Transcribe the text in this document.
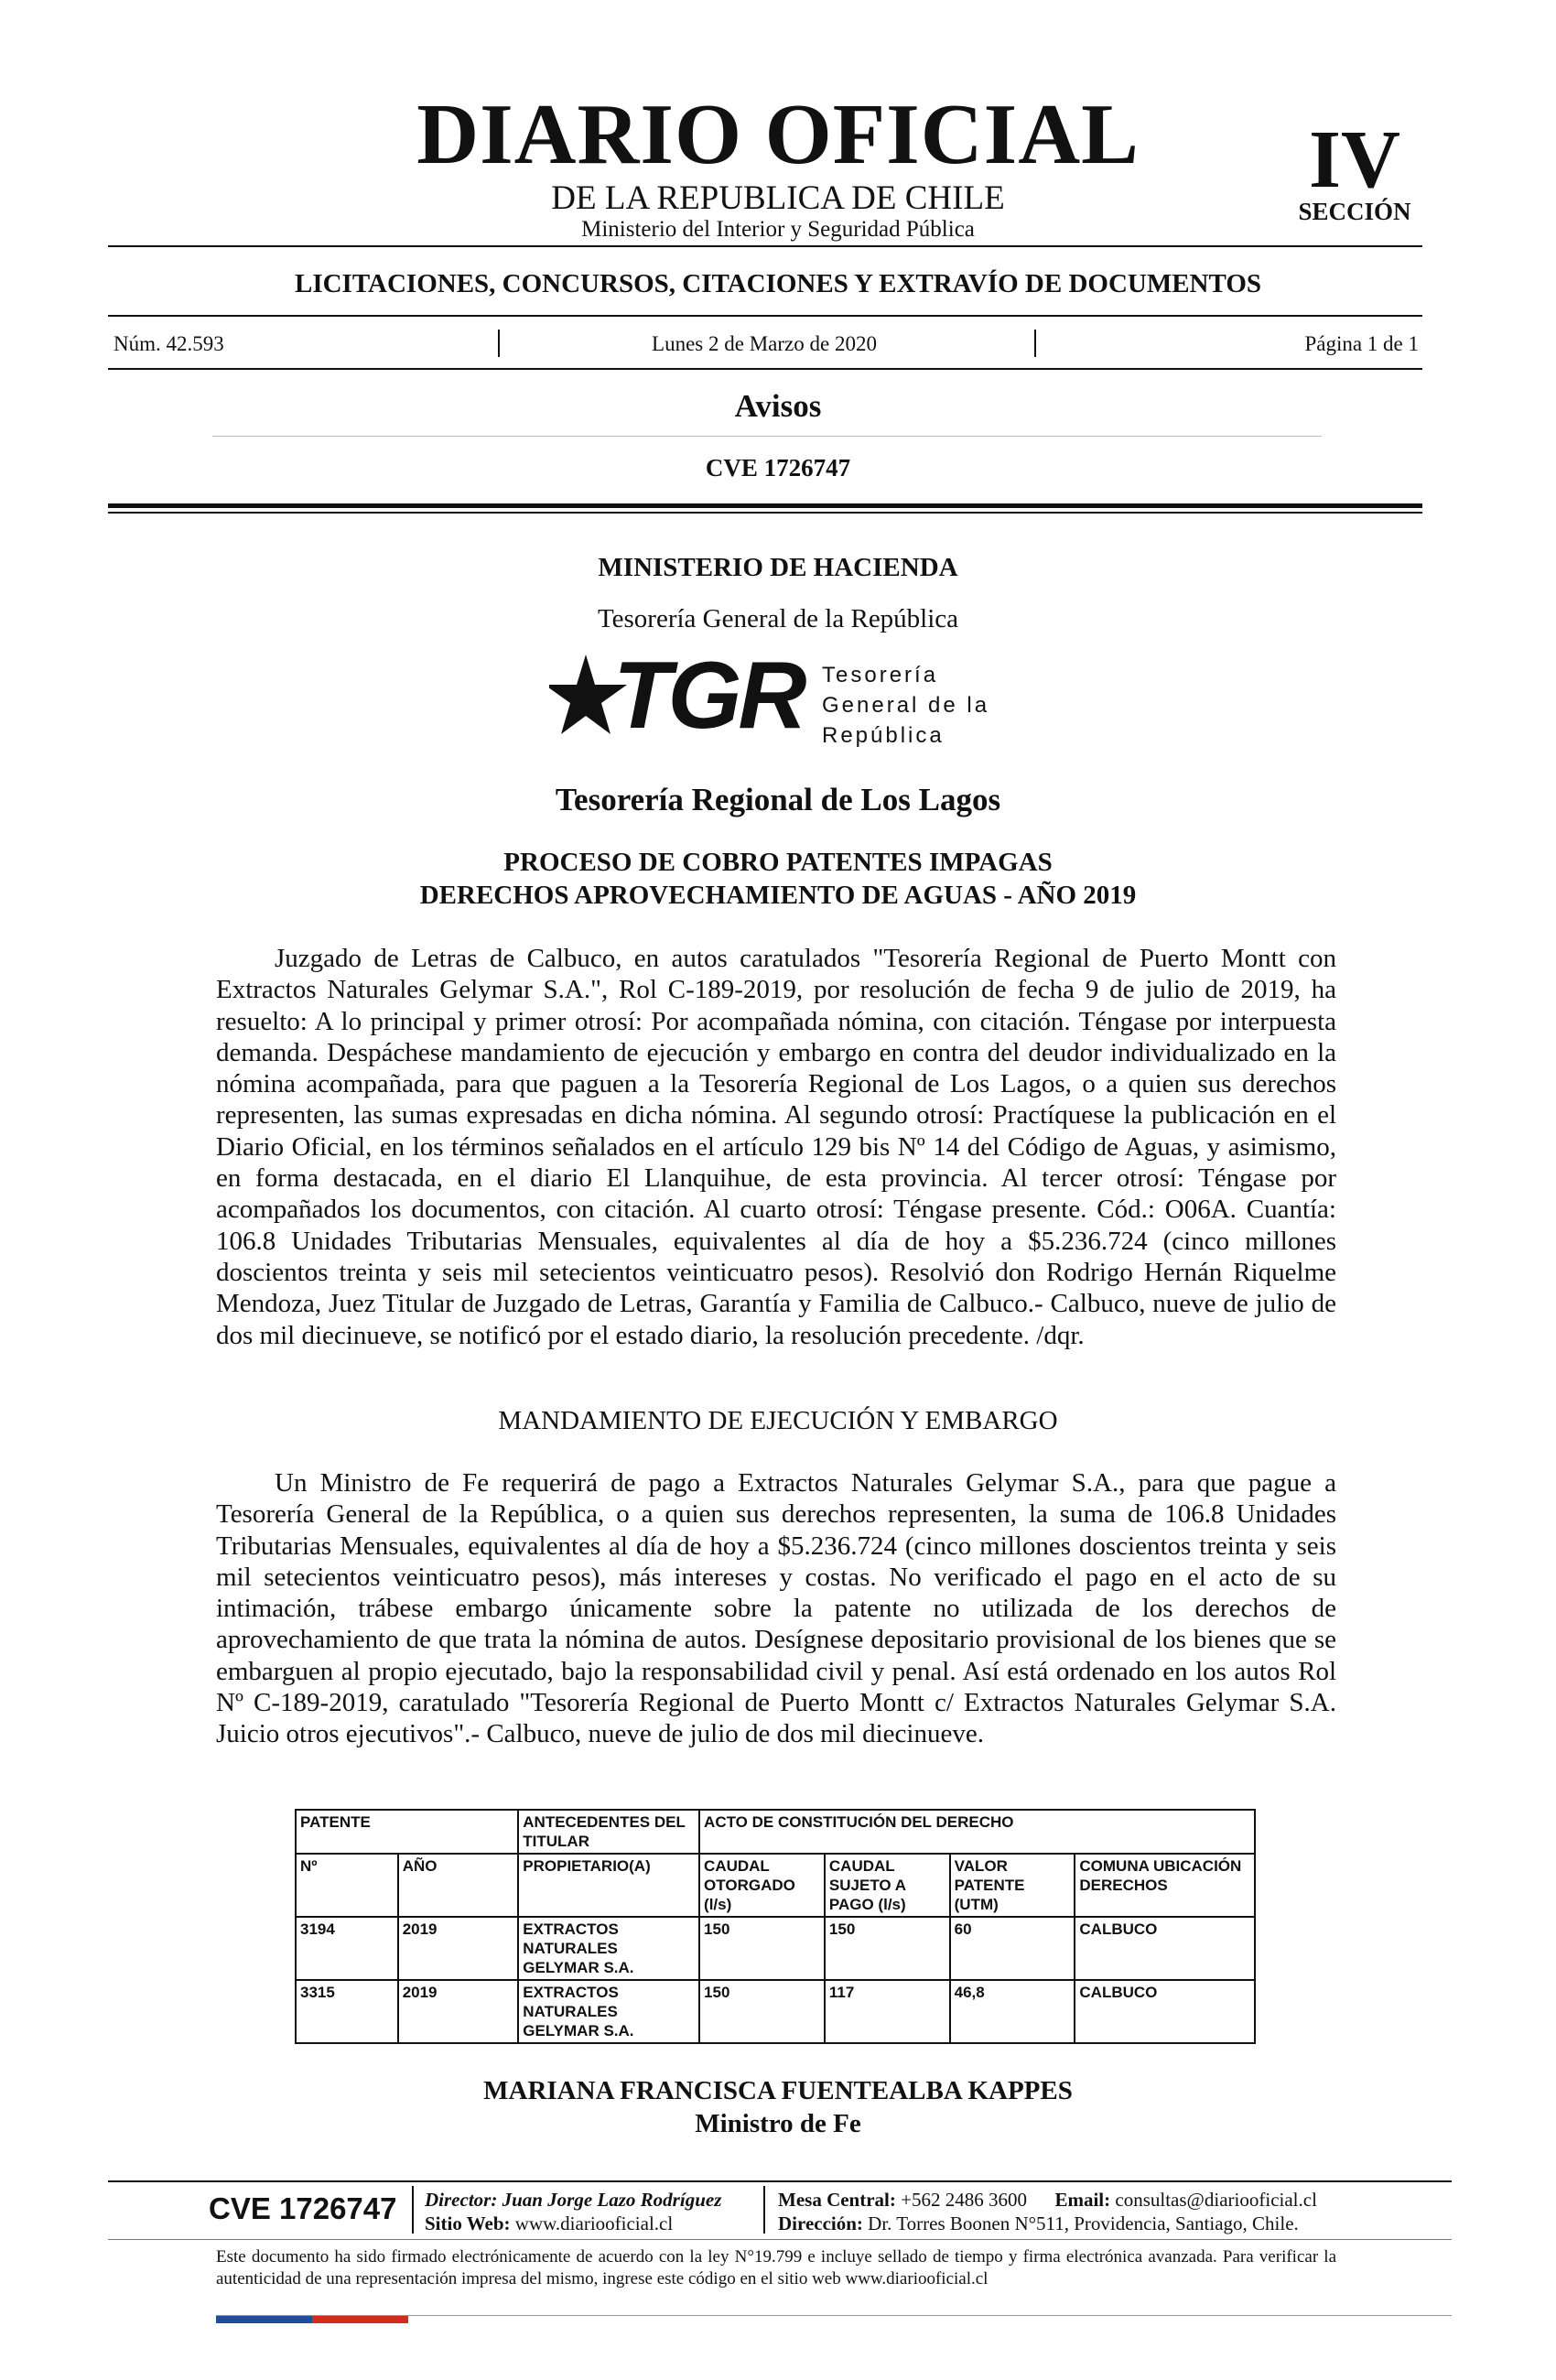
DIARIO OFICIAL
DE LA REPUBLICA DE CHILE
Ministerio del Interior y Seguridad Pública
IV
SECCIÓN
LICITACIONES, CONCURSOS, CITACIONES Y EXTRAVÍO DE DOCUMENTOS
Núm. 42.593	Lunes 2 de Marzo de 2020	Página 1 de 1
Avisos
CVE 1726747
MINISTERIO DE HACIENDA
Tesorería General de la República
TGR Tesorería
General de la
República
Tesorería Regional de Los Lagos
PROCESO DE COBRO PATENTES IMPAGAS
DERECHOS APROVECHAMIENTO DE AGUAS - AÑO 2019

Juzgado de Letras de Calbuco, en autos caratulados "Tesorería Regional de Puerto Montt con Extractos Naturales Gelymar S.A.", Rol C-189-2019, por resolución de fecha 9 de julio de 2019, ha resuelto: A lo principal y primer otrosí: Por acompañada nómina, con citación. Téngase por interpuesta demanda. Despáchese mandamiento de ejecución y embargo en contra del deudor individualizado en la nómina acompañada, para que paguen a la Tesorería Regional de Los Lagos, o a quien sus derechos representen, las sumas expresadas en dicha nómina. Al segundo otrosí: Practíquese la publicación en el Diario Oficial, en los términos señalados en el artículo 129 bis Nº 14 del Código de Aguas, y asimismo, en forma destacada, en el diario El Llanquihue, de esta provincia. Al tercer otrosí: Téngase por acompañados los documentos, con citación. Al cuarto otrosí: Téngase presente. Cód.: O06A. Cuantía: 106.8 Unidades Tributarias Mensuales, equivalentes al día de hoy a $5.236.724 (cinco millones doscientos treinta y seis mil setecientos veinticuatro pesos). Resolvió don Rodrigo Hernán Riquelme Mendoza, Juez Titular de Juzgado de Letras, Garantía y Familia de Calbuco.- Calbuco, nueve de julio de dos mil diecinueve, se notificó por el estado diario, la resolución precedente. /dqr.

MANDAMIENTO DE EJECUCIÓN Y EMBARGO

Un Ministro de Fe requerirá de pago a Extractos Naturales Gelymar S.A., para que pague a Tesorería General de la República, o a quien sus derechos representen, la suma de 106.8 Unidades Tributarias Mensuales, equivalentes al día de hoy a $5.236.724 (cinco millones doscientos treinta y seis mil setecientos veinticuatro pesos), más intereses y costas. No verificado el pago en el acto de su intimación, trábese embargo únicamente sobre la patente no utilizada de los derechos de aprovechamiento de que trata la nómina de autos. Desígnese depositario provisional de los bienes que se embarguen al propio ejecutado, bajo la responsabilidad civil y penal. Así está ordenado en los autos Rol Nº C-189-2019, caratulado "Tesorería Regional de Puerto Montt c/ Extractos Naturales Gelymar S.A. Juicio otros ejecutivos".- Calbuco, nueve de julio de dos mil diecinueve.

PATENTE		ANTECEDENTES DEL TITULAR	ACTO DE CONSTITUCIÓN DEL DERECHO			
Nº	AÑO	PROPIETARIO(A)	CAUDAL OTORGADO (l/s)	CAUDAL SUJETO A PAGO (l/s)	VALOR PATENTE (UTM)	COMUNA UBICACIÓN DERECHOS
3194	2019	EXTRACTOS NATURALES GELYMAR S.A.	150	150	60	CALBUCO
3315	2019	EXTRACTOS NATURALES GELYMAR S.A.	150	117	46,8	CALBUCO
MARIANA FRANCISCA FUENTEALBA KAPPES
Ministro de Fe
CVE 1726747 Director: Juan Jorge Lazo Rodríguez
Sitio Web: www.diariooficial.cl
Mesa Central: +562 2486 3600 Email: consultas@diariooficial.cl
Dirección: Dr. Torres Boonen N°511, Providencia, Santiago, Chile.
Este documento ha sido firmado electrónicamente de acuerdo con la ley N°19.799 e incluye sellado de tiempo y firma electrónica avanzada. Para verificar la autenticidad de una representación impresa del mismo, ingrese este código en el sitio web www.diariooficial.cl
